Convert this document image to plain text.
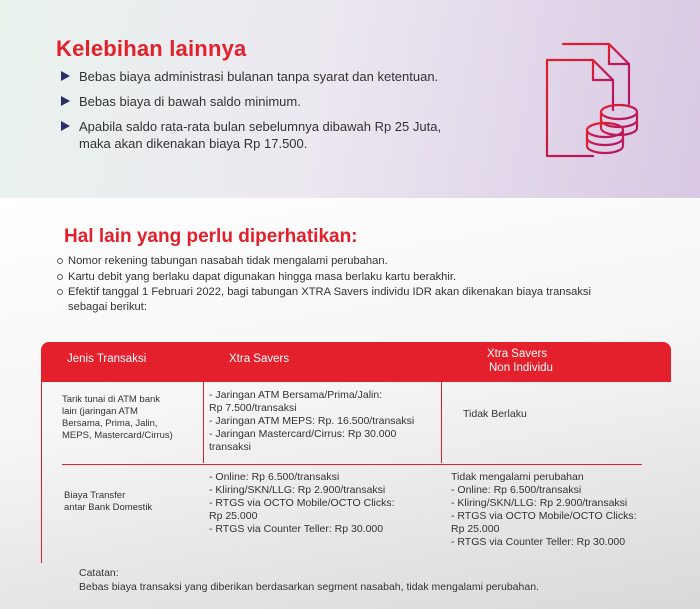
Kelebihan lainnya
Bebas biaya administrasi bulanan tanpa syarat dan ketentuan.
Bebas biaya di bawah saldo minimum.
Apabila saldo rata-rata bulan sebelumnya dibawah Rp 25 Juta,
maka akan dikenakan biaya Rp 17.500.
Hal lain yang perlu diperhatikan:
Nomor rekening tabungan nasabah tidak mengalami perubahan.
Kartu debit yang berlaku dapat digunakan hingga masa berlaku kartu berakhir.
Efektif tanggal 1 Februari 2022, bagi tabungan XTRA Savers individu IDR akan dikenakan biaya transaksi
sebagai berikut:
Jenis Transaksi	Xtra Savers	Xtra Savers
Non Individu
Tarik tunai di ATM bank
lain (jaringan ATM
Bersama, Prima, Jalin,
MEPS, Mastercard/Cirrus)
- Jaringan ATM Bersama/Prima/Jalin:
Rp 7.500/transaksi
- Jaringan ATM MEPS: Rp. 16.500/transaksi
- Jaringan Mastercard/Cirrus: Rp 30.000
transaksi
Tidak Berlaku
Biaya Transfer
antar Bank Domestik
- Online: Rp 6.500/transaksi
- Kliring/SKN/LLG: Rp 2.900/transaksi
- RTGS via OCTO Mobile/OCTO Clicks:
Rp 25.000
- RTGS via Counter Teller: Rp 30.000
Tidak mengalami perubahan
- Online: Rp 6.500/transaksi
- Kliring/SKN/LLG: Rp 2.900/transaksi
- RTGS via OCTO Mobile/OCTO Clicks:
Rp 25.000
- RTGS via Counter Teller: Rp 30.000
Catatan:
Bebas biaya transaksi yang diberikan berdasarkan segment nasabah, tidak mengalami perubahan.
